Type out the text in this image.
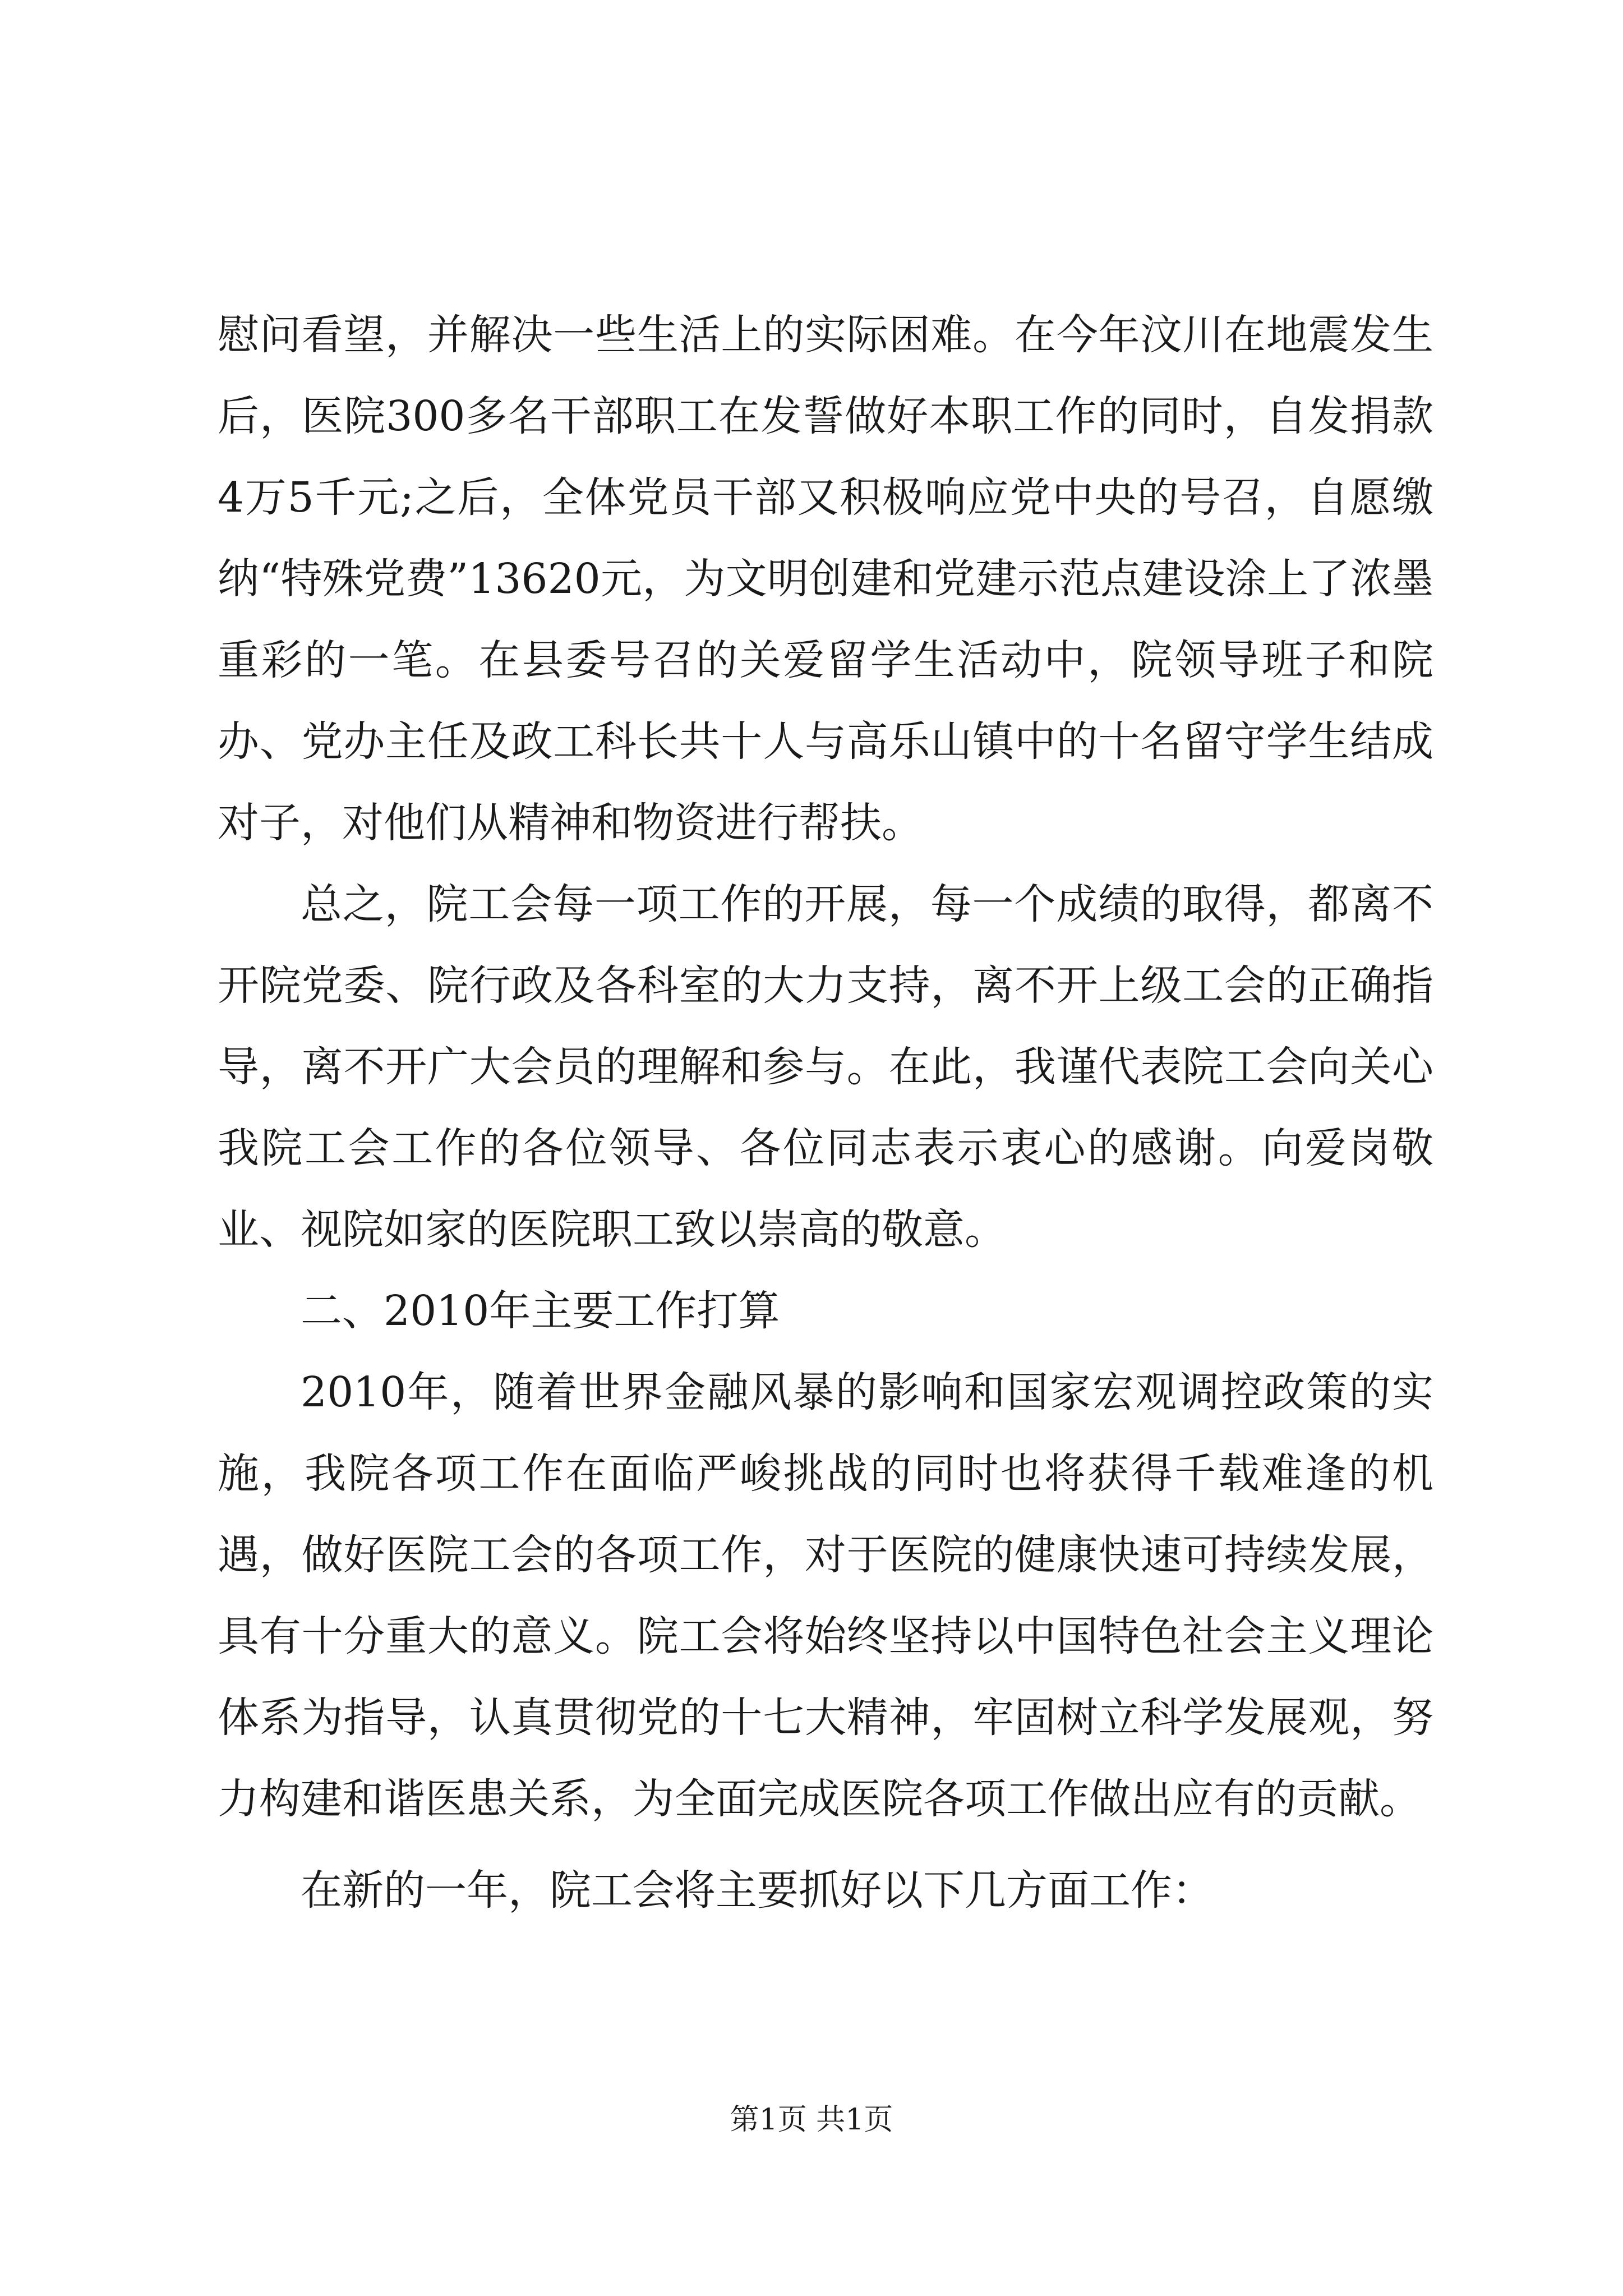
慰问看望，并解决一些生活上的实际困难。在今年汶川在地震发生后，医院300多名干部职工在发誓做好本职工作的同时，自发捐款4万5千元;之后，全体党员干部又积极响应党中央的号召，自愿缴纳“特殊党费”13620元，为文明创建和党建示范点建设涂上了浓墨重彩的一笔。在县委号召的关爱留学生活动中，院领导班子和院办、党办主任及政工科长共十人与高乐山镇中的十名留守学生结成对子，对他们从精神和物资进行帮扶。

总之，院工会每一项工作的开展，每一个成绩的取得，都离不开院党委、院行政及各科室的大力支持，离不开上级工会的正确指导，离不开广大会员的理解和参与。在此，我谨代表院工会向关心我院工会工作的各位领导、各位同志表示衷心的感谢。向爱岗敬业、视院如家的医院职工致以崇高的敬意。

二、2010年主要工作打算

2010年，随着世界金融风暴的影响和国家宏观调控政策的实施，我院各项工作在面临严峻挑战的同时也将获得千载难逢的机遇，做好医院工会的各项工作，对于医院的健康快速可持续发展，具有十分重大的意义。院工会将始终坚持以中国特色社会主义理论体系为指导，认真贯彻党的十七大精神，牢固树立科学发展观，努力构建和谐医患关系，为全面完成医院各项工作做出应有的贡献。

在新的一年，院工会将主要抓好以下几方面工作：

第1页 共1页
